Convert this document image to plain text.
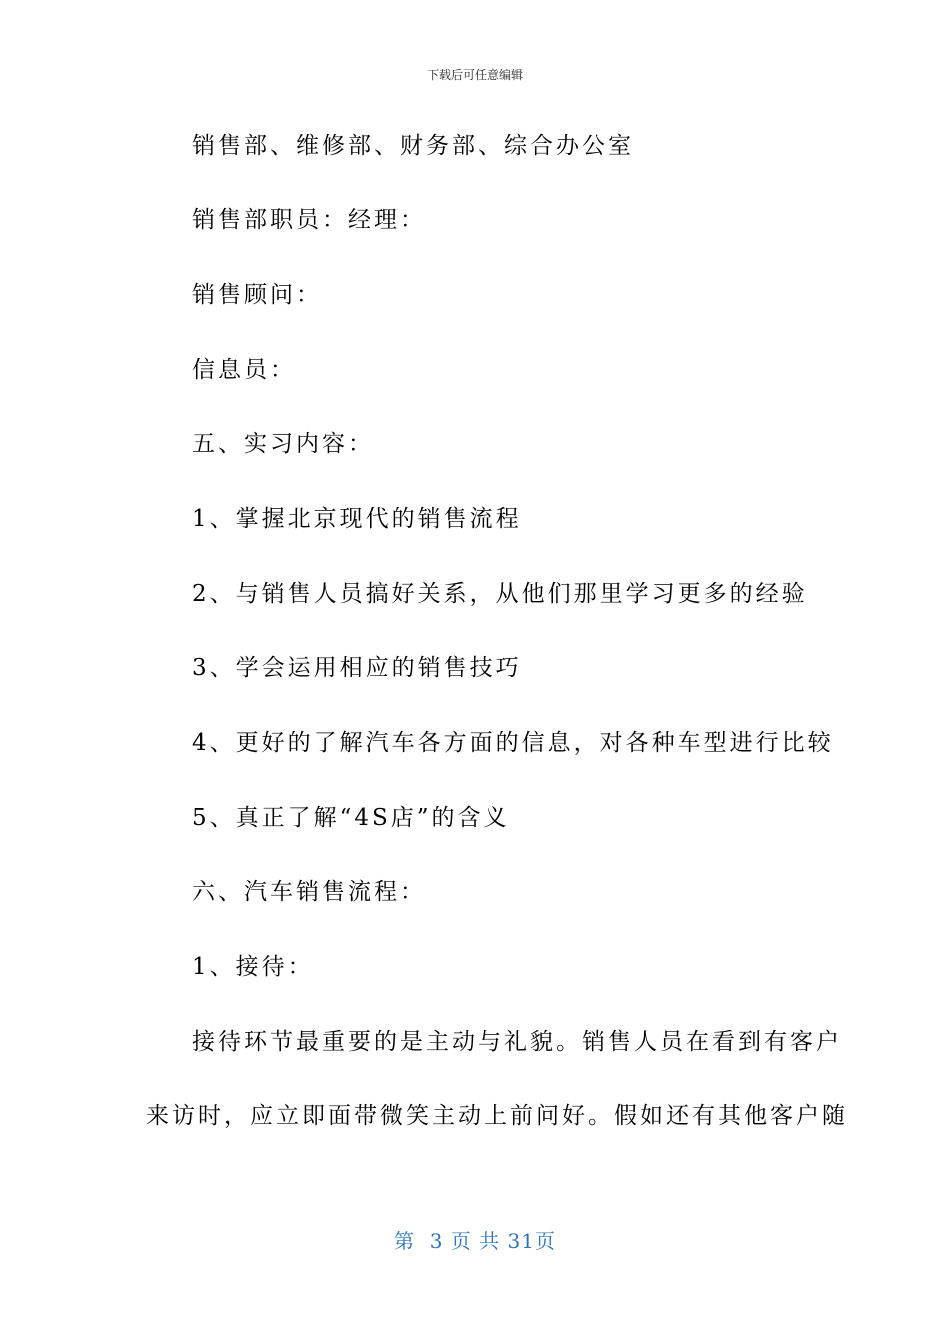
下载后可任意编辑
销售部、维修部、财务部、综合办公室
销售部职员：经理：
销售顾问：
信息员：
五、实习内容：
1、掌握北京现代的销售流程
2、与销售人员搞好关系，从他们那里学习更多的经验
3、学会运用相应的销售技巧
4、更好的了解汽车各方面的信息，对各种车型进行比较
5、真正了解“4S店”的含义
六、汽车销售流程：
1、接待：
接待环节最重要的是主动与礼貌。销售人员在看到有客户
来访时，应立即面带微笑主动上前问好。假如还有其他客户随
第  3 页 共 31页
